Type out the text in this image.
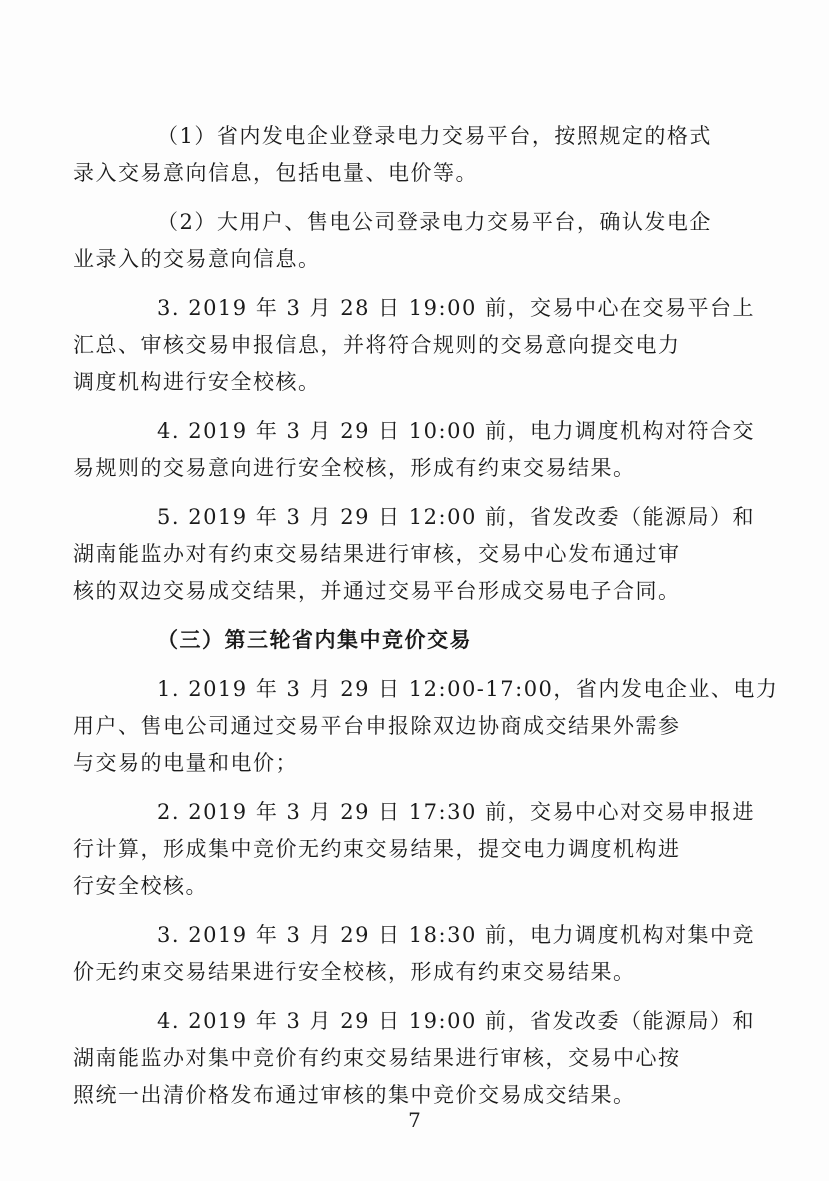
（1）省内发电企业登录电力交易平台，按照规定的格式
录入交易意向信息，包括电量、电价等。

（2）大用户、售电公司登录电力交易平台，确认发电企
业录入的交易意向信息。

3. 2019 年 3 月 28 日 19:00 前，交易中心在交易平台上
汇总、审核交易申报信息，并将符合规则的交易意向提交电力
调度机构进行安全校核。

4. 2019 年 3 月 29 日 10:00 前，电力调度机构对符合交
易规则的交易意向进行安全校核，形成有约束交易结果。

5. 2019 年 3 月 29 日 12:00 前，省发改委（能源局）和
湖南能监办对有约束交易结果进行审核，交易中心发布通过审
核的双边交易成交结果，并通过交易平台形成交易电子合同。

（三）第三轮省内集中竞价交易

1. 2019 年 3 月 29 日 12:00-17:00，省内发电企业、电力
用户、售电公司通过交易平台申报除双边协商成交结果外需参
与交易的电量和电价；

2. 2019 年 3 月 29 日 17:30 前，交易中心对交易申报进
行计算，形成集中竞价无约束交易结果，提交电力调度机构进
行安全校核。

3. 2019 年 3 月 29 日 18:30 前，电力调度机构对集中竞
价无约束交易结果进行安全校核，形成有约束交易结果。

4. 2019 年 3 月 29 日 19:00 前，省发改委（能源局）和
湖南能监办对集中竞价有约束交易结果进行审核，交易中心按
照统一出清价格发布通过审核的集中竞价交易成交结果。

7
